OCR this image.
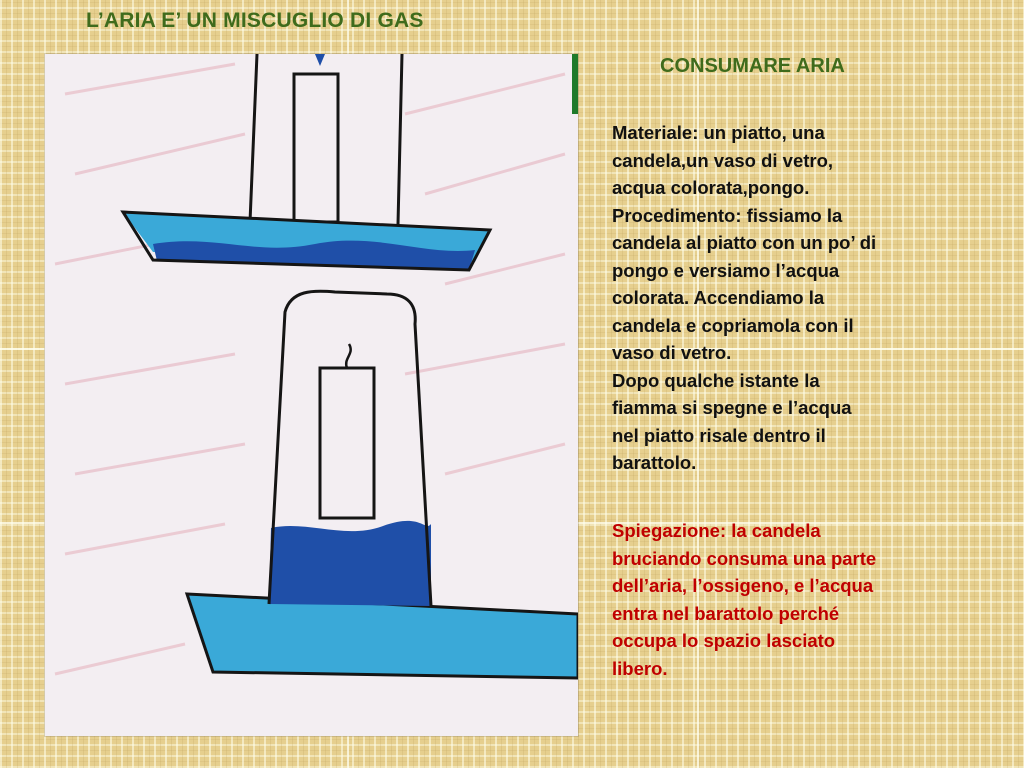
L’ARIA E’ UN MISCUGLIO DI GAS
CONSUMARE ARIA
Materiale: un piatto, una
candela,un vaso di vetro,
acqua colorata,pongo.
Procedimento: fissiamo la
candela al piatto con un po’ di
pongo e versiamo l’acqua
colorata. Accendiamo la
candela e copriamola con il
vaso di vetro.
Dopo qualche istante la
fiamma si spegne e l’acqua
nel piatto risale dentro il
barattolo.
Spiegazione: la candela
bruciando consuma una parte
dell’aria, l’ossigeno, e l’acqua
entra nel barattolo perché
occupa lo spazio lasciato
libero.
